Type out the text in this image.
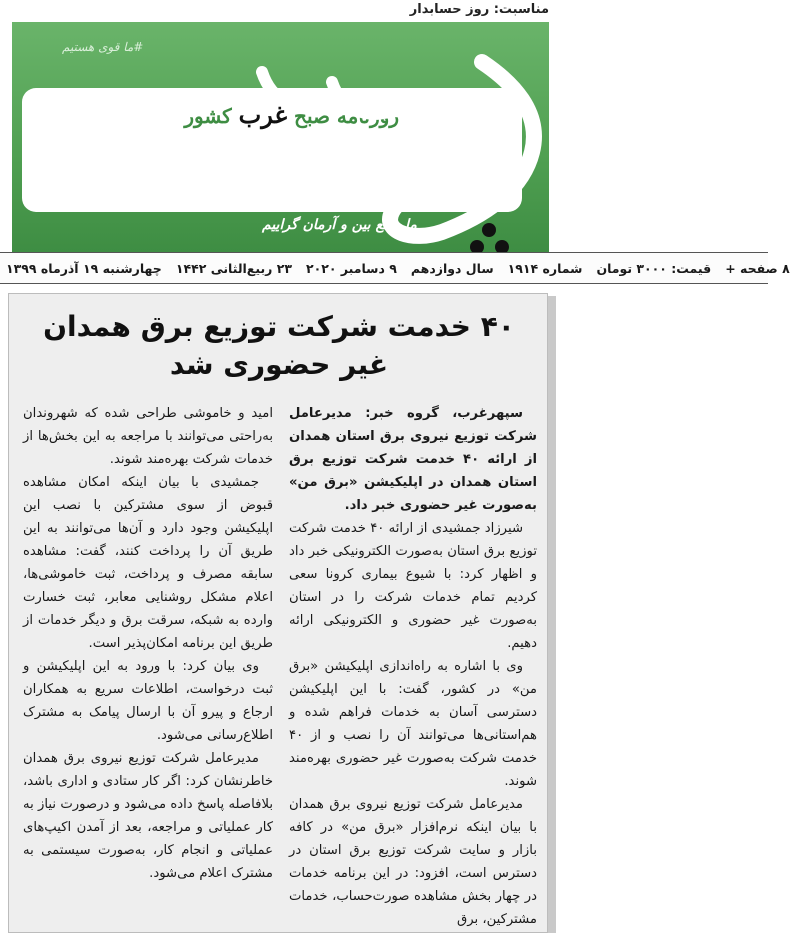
مناسبت: روز حسابدار
#ما قوی هستیم
روزنامه صبح غرب کشور
ما واقع بین و آرمان گراییم
چهارشنبه ۱۹ آذرماه ۱۳۹۹ ۲۳ ربیع‌الثانی ۱۴۴۲ ۹ دسامبر ۲۰۲۰ سال دوازدهم شماره ۱۹۱۴ قیمت: ۳۰۰۰ تومان ۸ صفحه +
۴۰ خدمت شرکت توزیع برق همدان
غیر حضوری شد

سپهرغرب، گروه خبر: مدیرعامل شرکت توزیع نیروی برق استان همدان از ارائه ۴۰ خدمت شرکت توزیع برق استان همدان در اپلیکیشن «برق من» به‌صورت غیر حضوری خبر داد.

شیرزاد جمشیدی از ارائه ۴۰ خدمت شرکت توزیع برق استان به‌صورت الکترونیکی خبر داد و اظهار کرد: با شیوع بیماری کرونا سعی کردیم تمام خدمات شرکت را در استان به‌صورت غیر حضوری و الکترونیکی ارائه دهیم.

وی با اشاره به راه‌اندازی اپلیکیشن «برق من» در کشور، گفت: با این اپلیکیشن دسترسی آسان به خدمات فراهم شده و هم‌استانی‌ها می‌توانند آن را نصب و از ۴۰ خدمت شرکت به‌صورت غیر حضوری بهره‌مند شوند.

مدیرعامل شرکت توزیع نیروی برق همدان با بیان اینکه نرم‌افزار «برق من» در کافه بازار و سایت شرکت توزیع برق استان در دسترس است، افزود: در این برنامه خدمات در چهار بخش مشاهده صورت‌حساب، خدمات مشترکین، برق

امید و خاموشی طراحی شده که شهروندان به‌راحتی می‌توانند با مراجعه به این بخش‌ها از خدمات شرکت بهره‌مند شوند.

جمشیدی با بیان اینکه امکان مشاهده قبوض از سوی مشترکین با نصب این اپلیکیشن وجود دارد و آن‌ها می‌توانند به این طریق آن را پرداخت کنند، گفت: مشاهده سابقه مصرف و پرداخت، ثبت خاموشی‌ها، اعلام مشکل روشنایی معابر، ثبت خسارت وارده به شبکه، سرقت برق و دیگر خدمات از طریق این برنامه امکان‌پذیر است.

وی بیان کرد: با ورود به این اپلیکیشن و ثبت درخواست، اطلاعات سریع به همکاران ارجاع و پیرو آن با ارسال پیامک به مشترک اطلاع‌رسانی می‌شود.

مدیرعامل شرکت توزیع نیروی برق همدان خاطرنشان کرد: اگر کار ستادی و اداری باشد، بلافاصله پاسخ داده می‌شود و درصورت نیاز به کار عملیاتی و مراجعه، بعد از آمدن اکیپ‌های عملیاتی و انجام کار، به‌صورت سیستمی به مشترک اعلام می‌شود.
